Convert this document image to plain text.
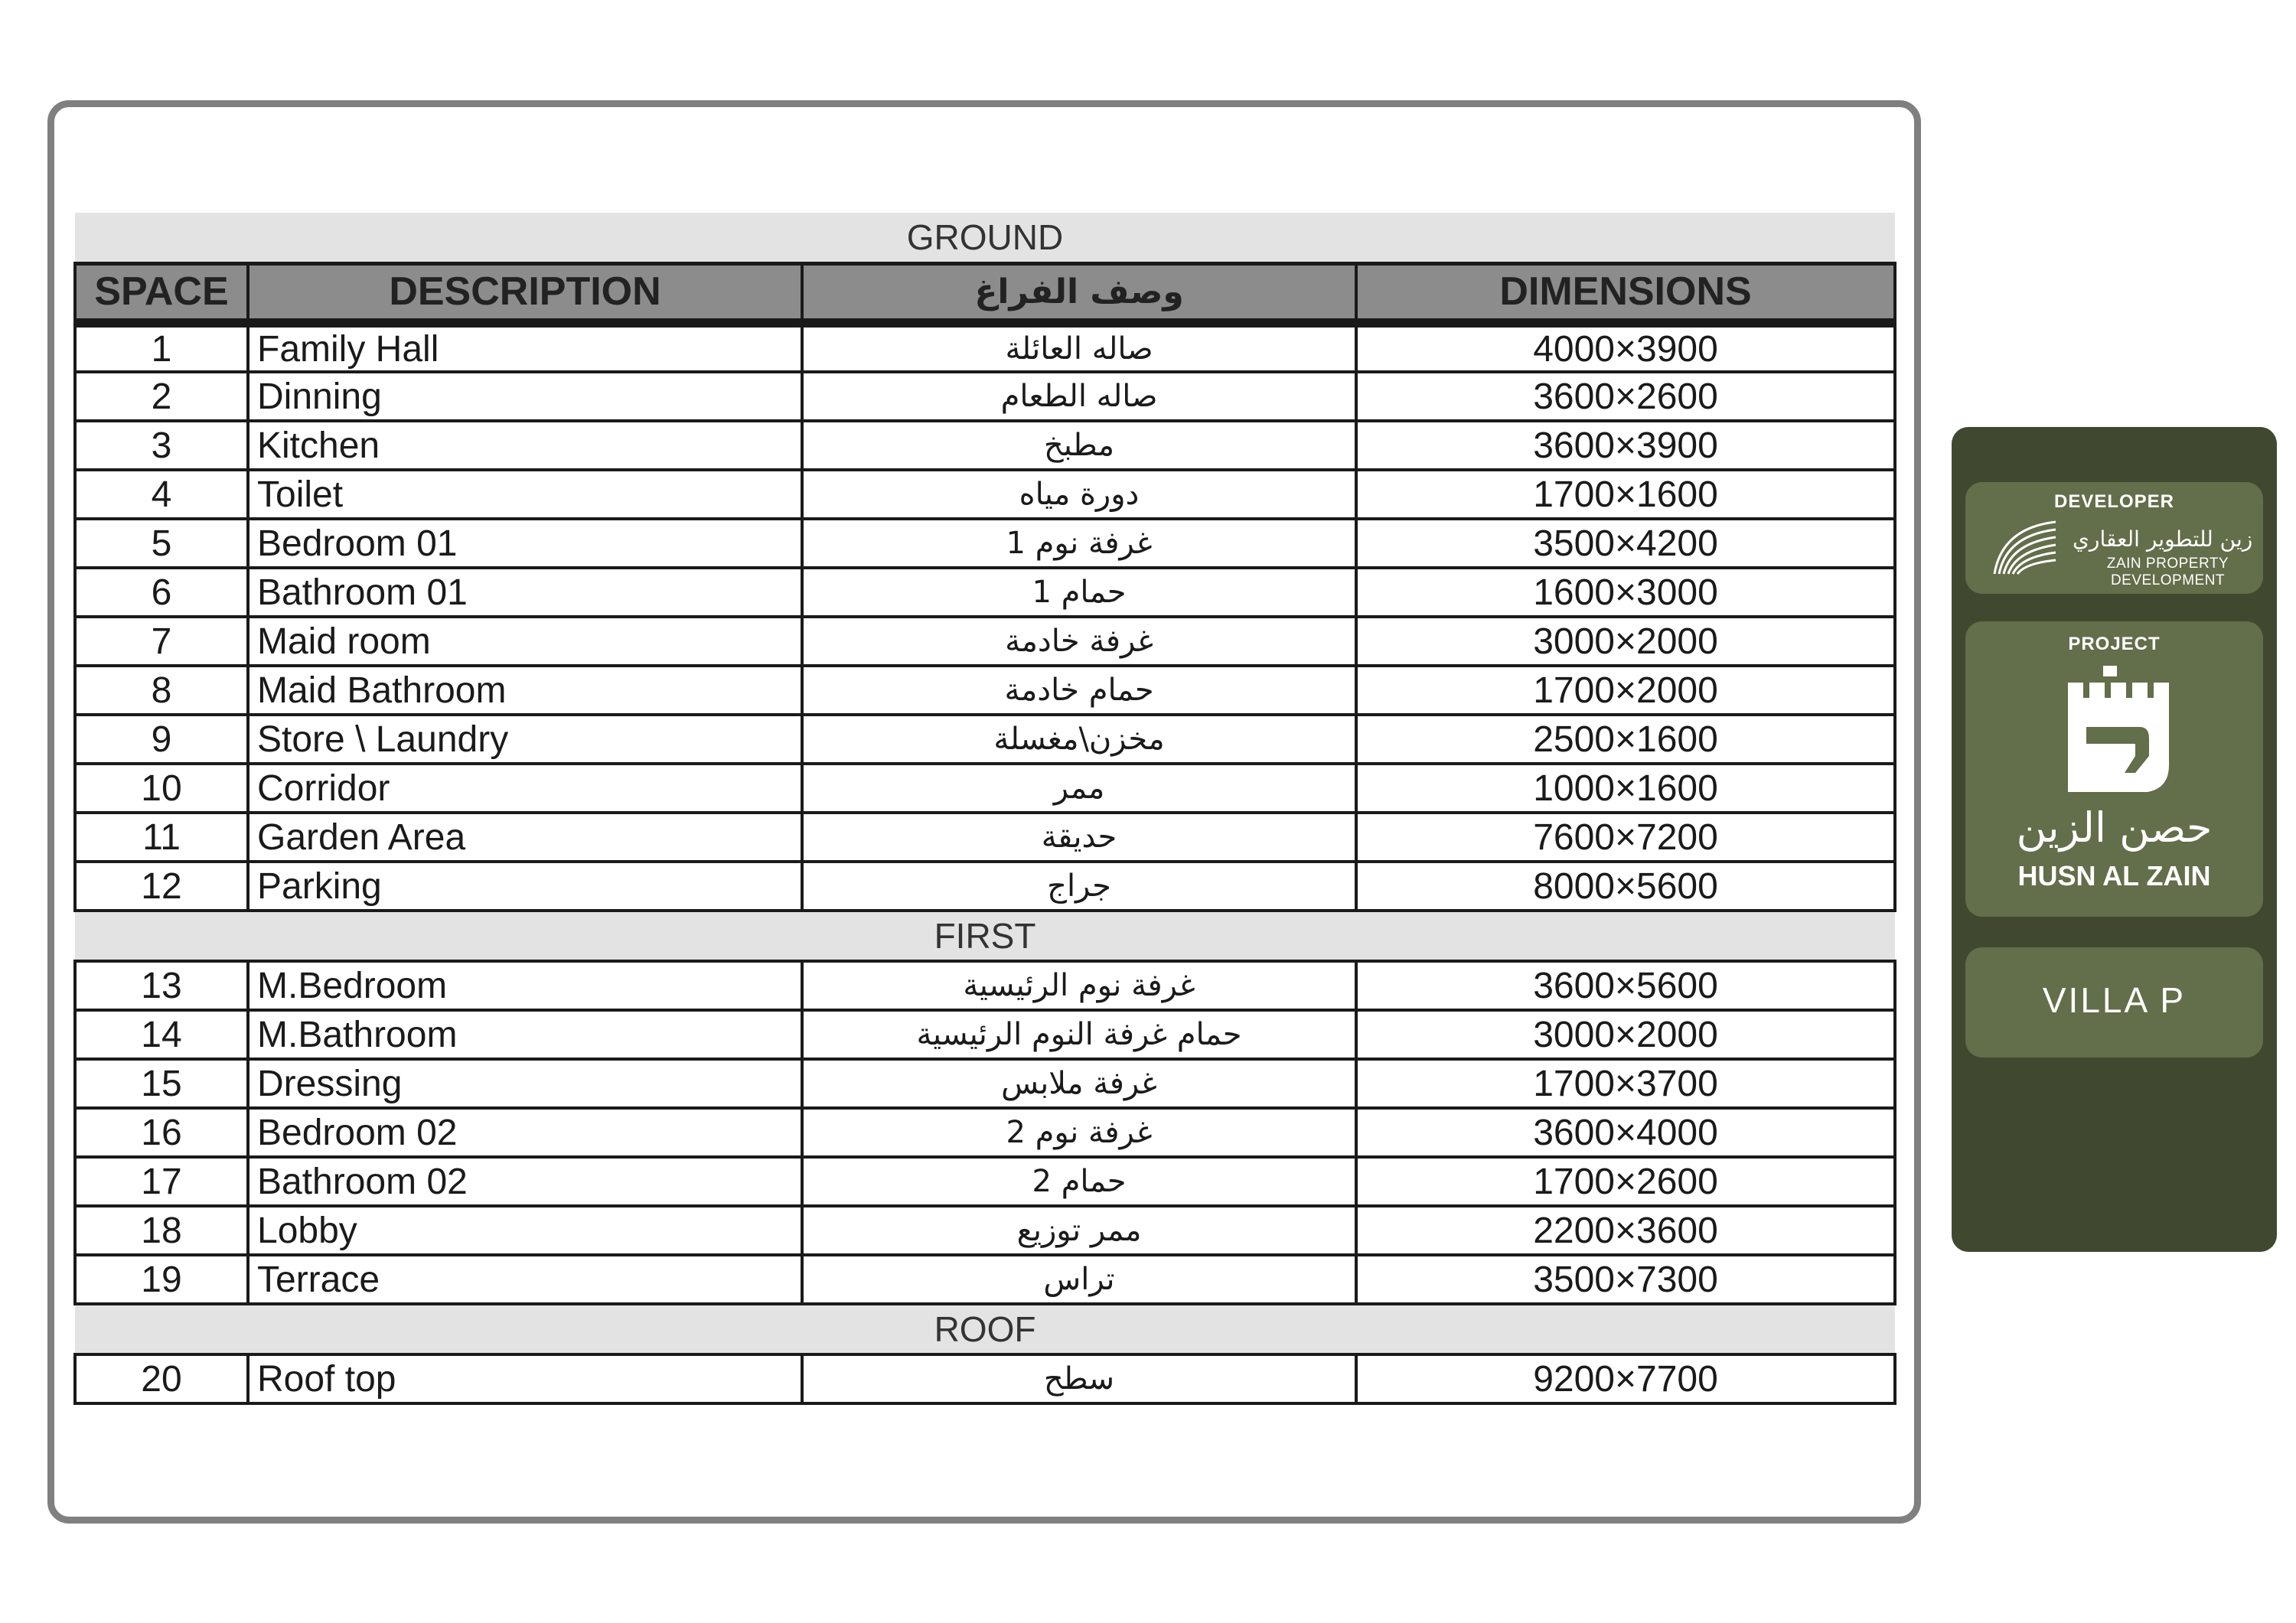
GROUND			
SPACE	DESCRIPTION	وصف الفراغ	DIMENSIONS
1	Family Hall	صاله العائلة	4000×3900
2	Dinning	صاله الطعام	3600×2600
3	Kitchen	مطبخ	3600×3900
4	Toilet	دورة مياه	1700×1600
5	Bedroom 01	غرفة نوم 1	3500×4200
6	Bathroom 01	حمام 1	1600×3000
7	Maid room	غرفة خادمة	3000×2000
8	Maid Bathroom	حمام خادمة	1700×2000
9	Store \ Laundry	مخزن\مغسلة	2500×1600
10	Corridor	ممر	1000×1600
11	Garden Area	حديقة	7600×7200
12	Parking	جراج	8000×5600
FIRST			
13	M.Bedroom	غرفة نوم الرئيسية	3600×5600
14	M.Bathroom	حمام غرفة النوم الرئيسية	3000×2000
15	Dressing	غرفة ملابس	1700×3700
16	Bedroom 02	غرفة نوم 2	3600×4000
17	Bathroom 02	حمام 2	1700×2600
18	Lobby	ممر توزيع	2200×3600
19	Terrace	تراس	3500×7300
ROOF			
20	Roof top	سطح	9200×7700
DEVELOPER
زين للتطوير العقاري
ZAIN PROPERTY DEVELOPMENT
PROJECT
حصن الزين
HUSN AL ZAIN
VILLA P
